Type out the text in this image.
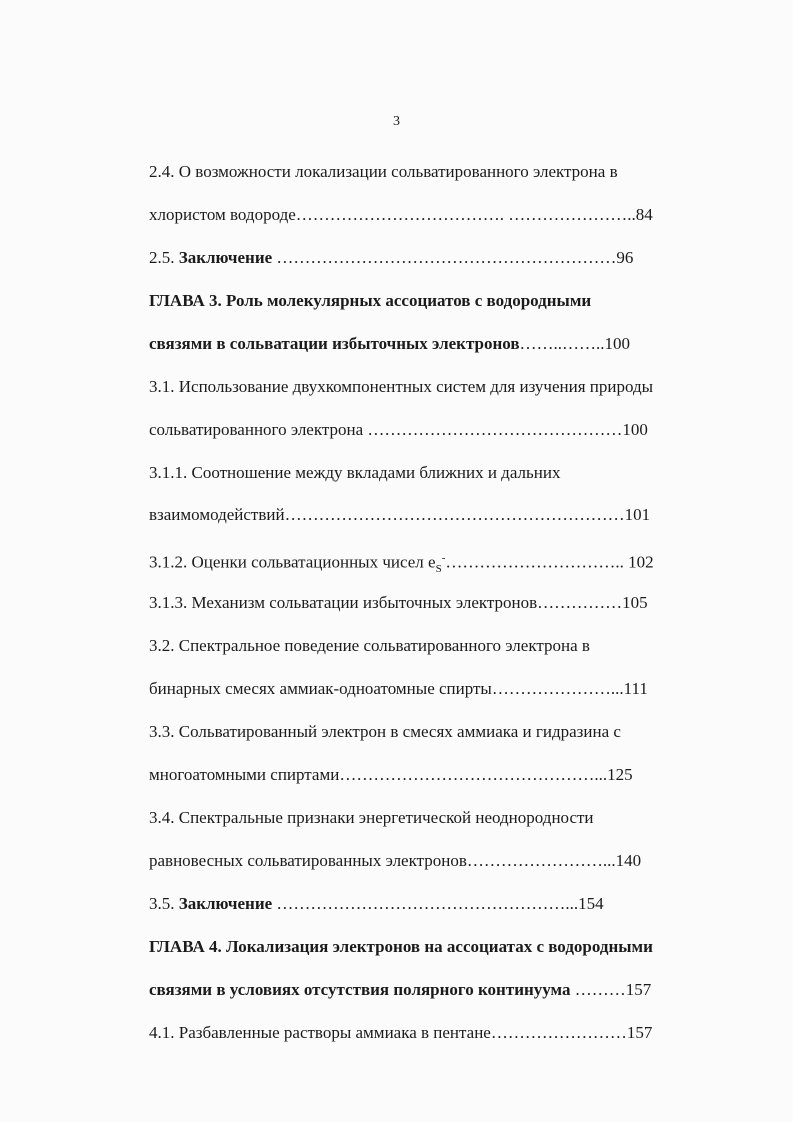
3
2.4. О возможности локализации сольватированного электрона в
хлористом водороде………………………………. …………………..84
2.5. Заключение ……………………………………………………96
ГЛАВА 3. Роль молекулярных ассоциатов с водородными
связями в сольватации избыточных электронов……..……..100
3.1. Использование двухкомпонентных систем для изучения природы
сольватированного электрона ………………………………………100
3.1.1. Соотношение между вкладами ближних и дальних
взаимомодействий……………………………………………………101
3.1.2. Оценки сольватационных чисел $e_S^-\dots\dots\dots\dots\dots\dots\dots\dots\dots\dots$.. 102
3.1.3. Механизм сольватации избыточных электронов……………105
3.2. Спектральное поведение сольватированного электрона в
бинарных смесях аммиак-одноатомные спирты…………………...111
3.3. Сольватированный электрон в смесях аммиака и гидразина с
многоатомными спиртами………………………………………...125
3.4. Спектральные признаки энергетической неоднородности
равновесных сольватированных электронов……………………...140
3.5. Заключение ……………………………………………...154
ГЛАВА 4. Локализация электронов на ассоциатах с водородными
связями в условиях отсутствия полярного континуума ………157
4.1. Разбавленные растворы аммиака в пентане……………………157
